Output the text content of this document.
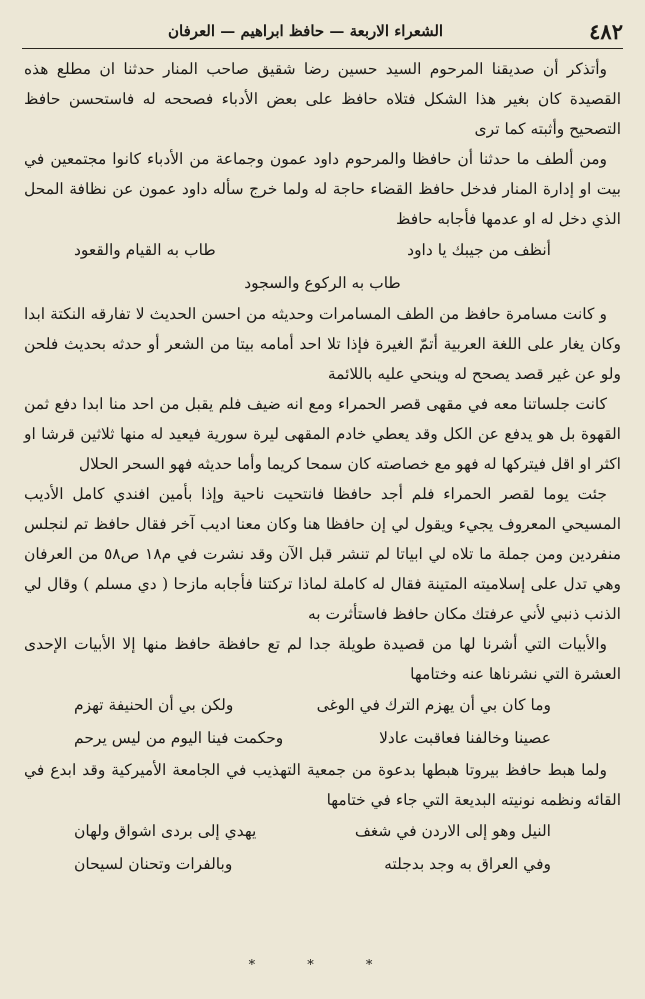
٤٨٢
الشعراء الاربعة — حافظ ابراهيم — العرفان

وأتذكر أن صديقنا المرحوم السيد حسين رضا شقيق صاحب المنار حدثنا ان مطلع هذه القصيدة كان بغير هذا الشكل فتلاه حافظ على بعض الأدباء فصححه له فاستحسن حافظ التصحيح وأثبته كما ترى

ومن ألطف ما حدثنا أن حافظا والمرحوم داود عمون وجماعة من الأدباء كانوا مجتمعين في بيت او إدارة المنار فدخل حافظ القضاء حاجة له ولما خرج سأله داود عمون عن نظافة المحل الذي دخل له او عدمها فأجابه حافظ

أنظف من جيبك يا داود
طاب به القيام والقعود
طاب به الركوع والسجود

و كانت مسامرة حافظ من الطف المسامرات وحديثه من احسن الحديث لا تفارقه النكتة ابدا وكان يغار على اللغة العربية أتمّ الغيرة فإذا تلا احد أمامه بيتا من الشعر أو حدثه بحديث فلحن ولو عن غير قصد يصحح له وينحي عليه باللائمة

كانت جلساتنا معه في مقهى قصر الحمراء ومع انه ضيف فلم يقبل من احد منا ابدا دفع ثمن القهوة بل هو يدفع عن الكل وقد يعطي خادم المقهى ليرة سورية فيعيد له منها ثلاثين قرشا او اكثر او اقل فيتركها له فهو مع خصاصته كان سمحا كريما وأما حديثه فهو السحر الحلال

جئت يوما لقصر الحمراء فلم أجد حافظا فانتحيت ناحية وإذا بأمين افندي كامل الأديب المسيحي المعروف يجيء ويقول لي إن حافظا هنا وكان معنا اديب آخر فقال حافظ تم لنجلس منفردين ومن جملة ما تلاه لي ابياتا لم تنشر قبل الآن وقد نشرت في م١٨ ص٥٨ من العرفان وهي تدل على إسلاميته المتينة فقال له كاملة لماذا تركتنا فأجابه مازحا ( دي مسلم ) وقال لي الذنب ذنبي لأني عرفتك مكان حافظ فاستأثرت به

والأبيات التي أشرنا لها من قصيدة طويلة جدا لم تع حافظة حافظ منها إلا الأبيات الإحدى العشرة التي نشرناها عنه وختامها

وما كان بي أن يهزم الترك في الوغى
ولكن بي أن الحنيفة تهزم
عصينا وخالفنا فعاقبت عادلا
وحكمت فينا اليوم من ليس يرحم

ولما هبط حافظ بيروتا هبطها بدعوة من جمعية التهذيب في الجامعة الأميركية وقد ابدع في القائه ونظمه نونيته البديعة التي جاء في ختامها

النيل وهو إلى الاردن في شغف
يهدي إلى بردى اشواق ولهان
وفي العراق به وجد بدجلته
وبالفرات وتحنان لسيحان
* * *
